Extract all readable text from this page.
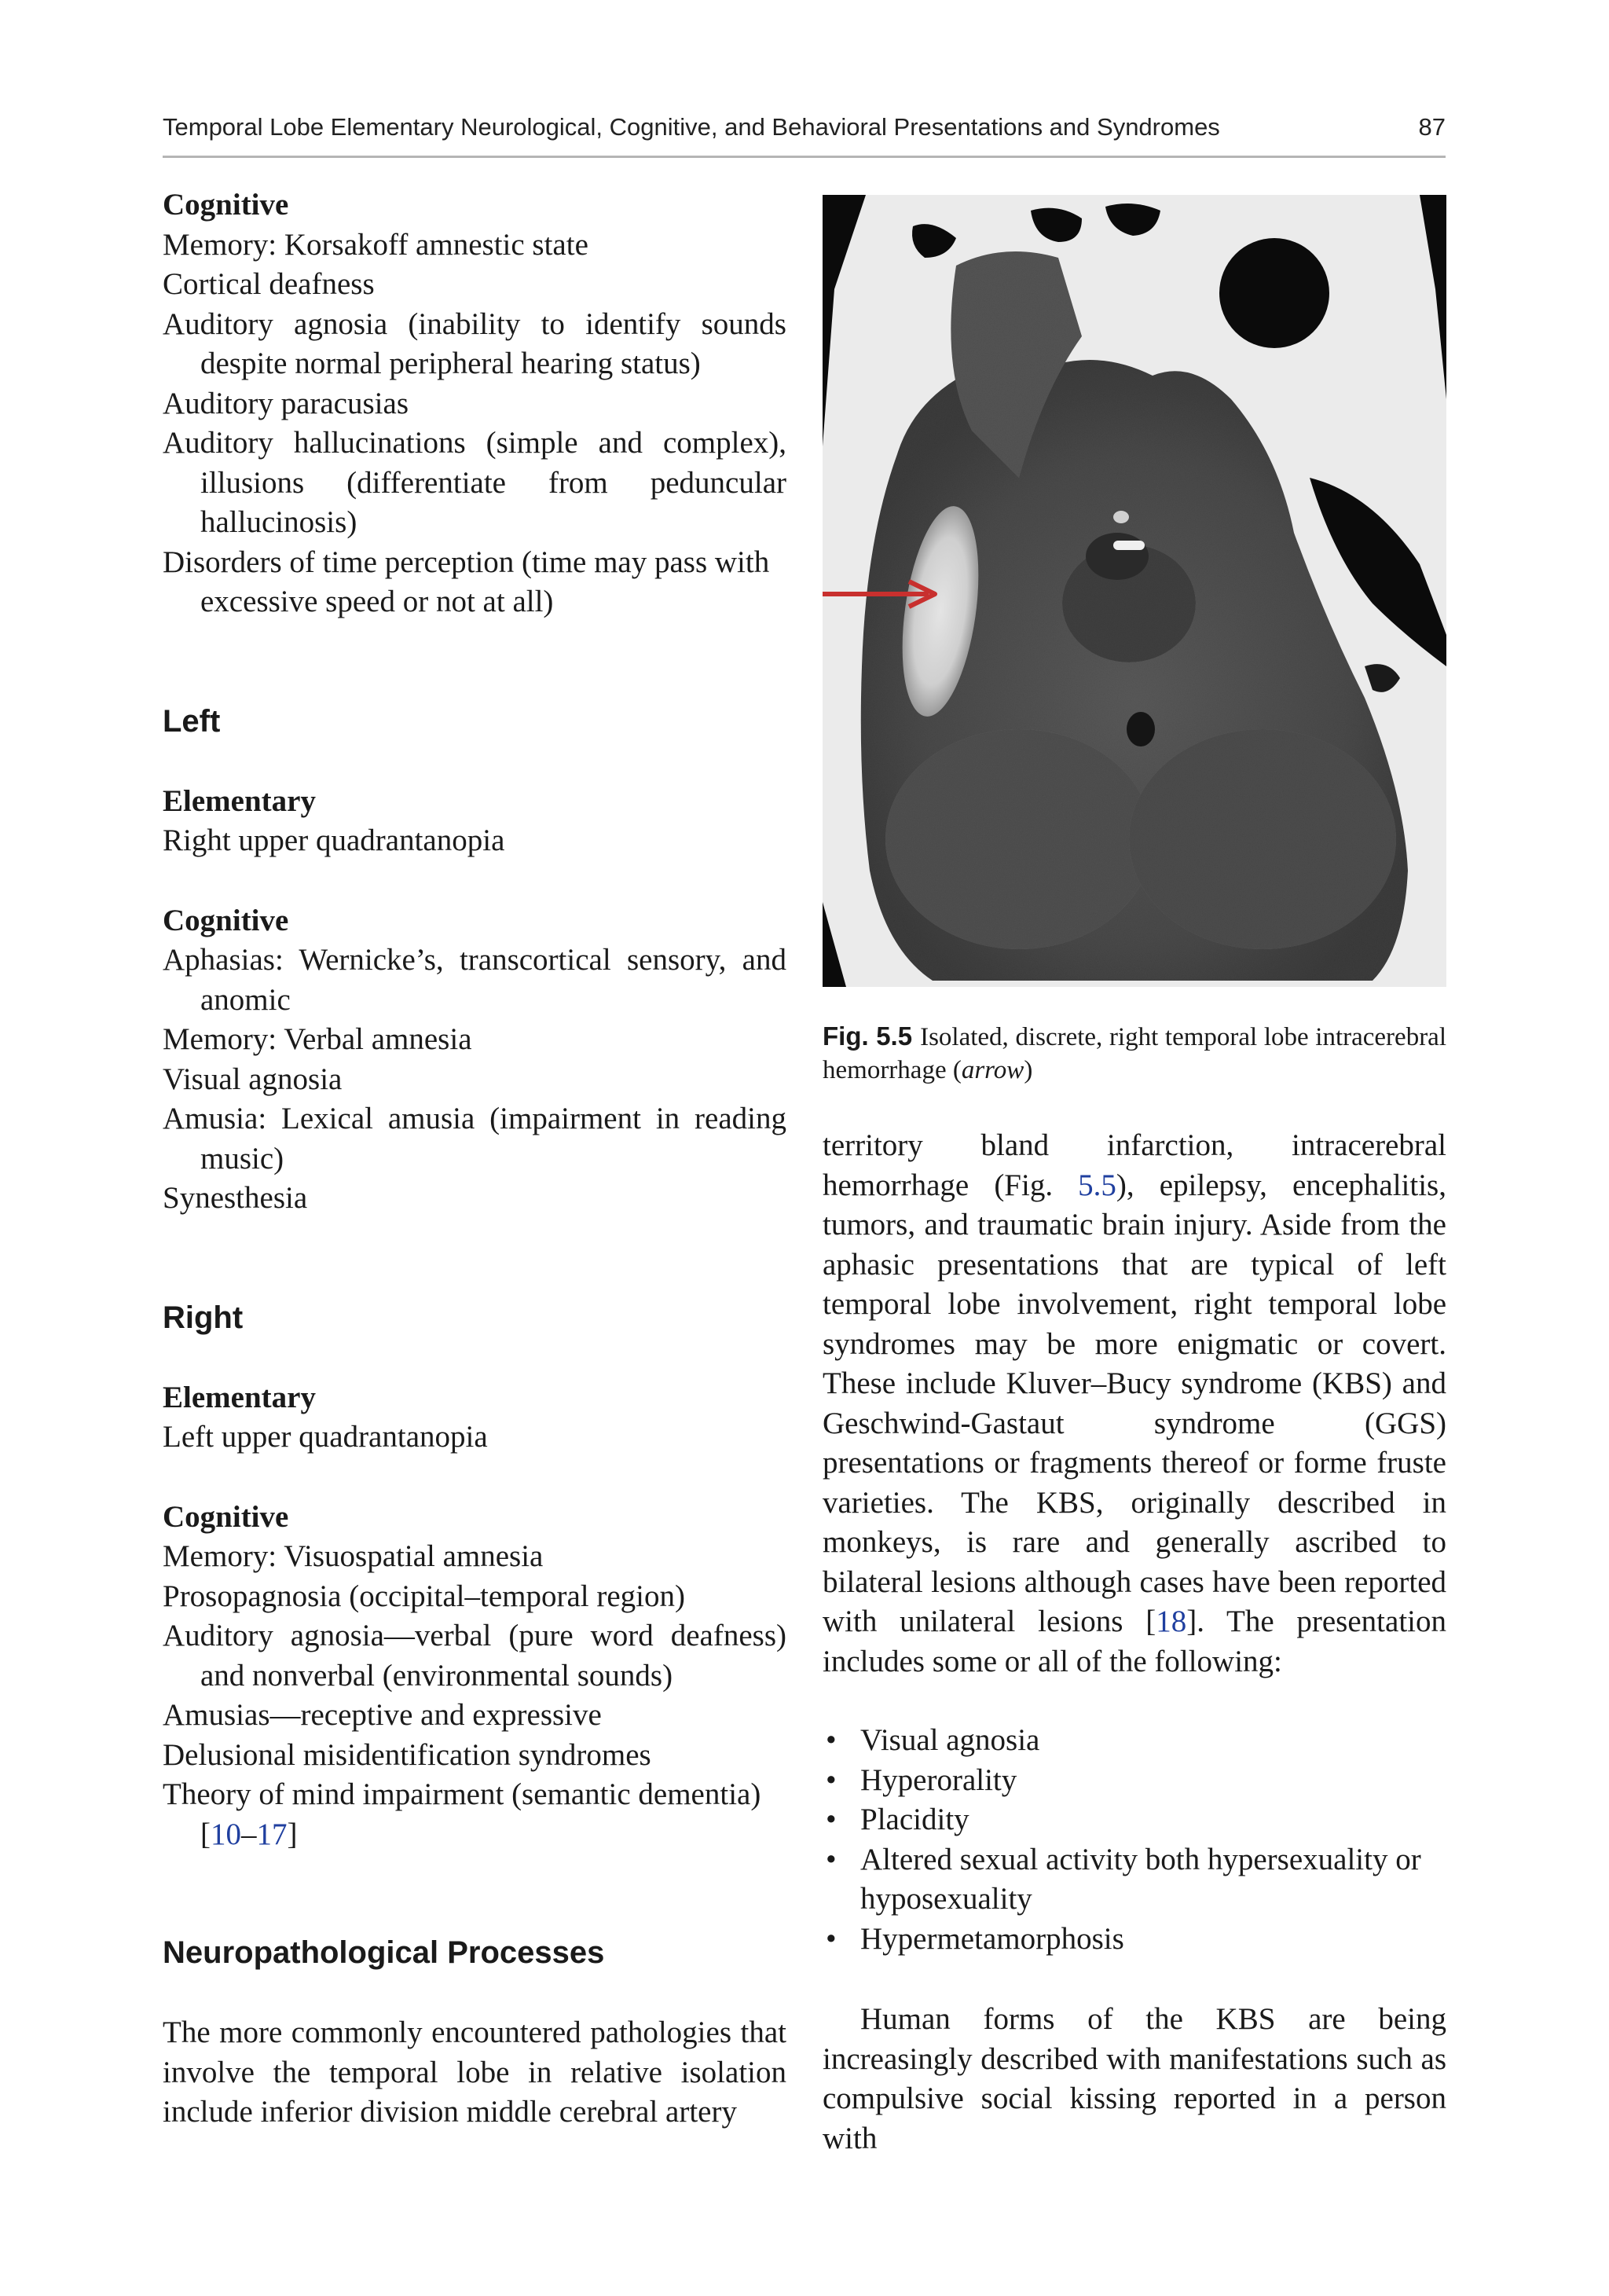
Temporal Lobe Elementary Neurological, Cognitive, and Behavioral Presentations and Syndromes	87
Cognitive
Memory: Korsakoff amnestic state
Cortical deafness
Auditory agnosia (inability to identify sounds despite normal peripheral hearing status)
Auditory paracusias
Auditory hallucinations (simple and complex), illusions (differentiate from peduncular hallucinosis)
Disorders of time perception (time may pass with excessive speed or not at all)
Left
Elementary
Right upper quadrantanopia
Cognitive
Aphasias: Wernicke’s, transcortical sensory, and anomic
Memory: Verbal amnesia
Visual agnosia
Amusia: Lexical amusia (impairment in reading music)
Synesthesia
Right
Elementary
Left upper quadrantanopia
Cognitive
Memory: Visuospatial amnesia
Prosopagnosia (occipital–temporal region)
Auditory agnosia—verbal (pure word deafness) and nonverbal (environmental sounds)
Amusias—receptive and expressive
Delusional misidentification syndromes
Theory of mind impairment (semantic dementia) [10–17]
Neuropathological Processes
The more commonly encountered pathologies that involve the temporal lobe in relative isolation include inferior division middle cerebral artery
Fig. 5.5 Isolated, discrete, right temporal lobe intracerebral hemorrhage (arrow)
territory bland infarction, intracerebral hemorrhage (Fig. 5.5), epilepsy, encephalitis, tumors, and traumatic brain injury. Aside from the aphasic presentations that are typical of left temporal lobe involvement, right temporal lobe syndromes may be more enigmatic or covert. These include Kluver–Bucy syndrome (KBS) and Geschwind-Gastaut syndrome (GGS) presentations or fragments thereof or forme fruste varieties. The KBS, originally described in monkeys, is rare and generally ascribed to bilateral lesions although cases have been reported with unilateral lesions [18]. The presentation includes some or all of the following:
• Visual agnosia
• Hyperorality
• Placidity
• Altered sexual activity both hypersexuality or hyposexuality
• Hypermetamorphosis
Human forms of the KBS are being increasingly described with manifestations such as compulsive social kissing reported in a person with
